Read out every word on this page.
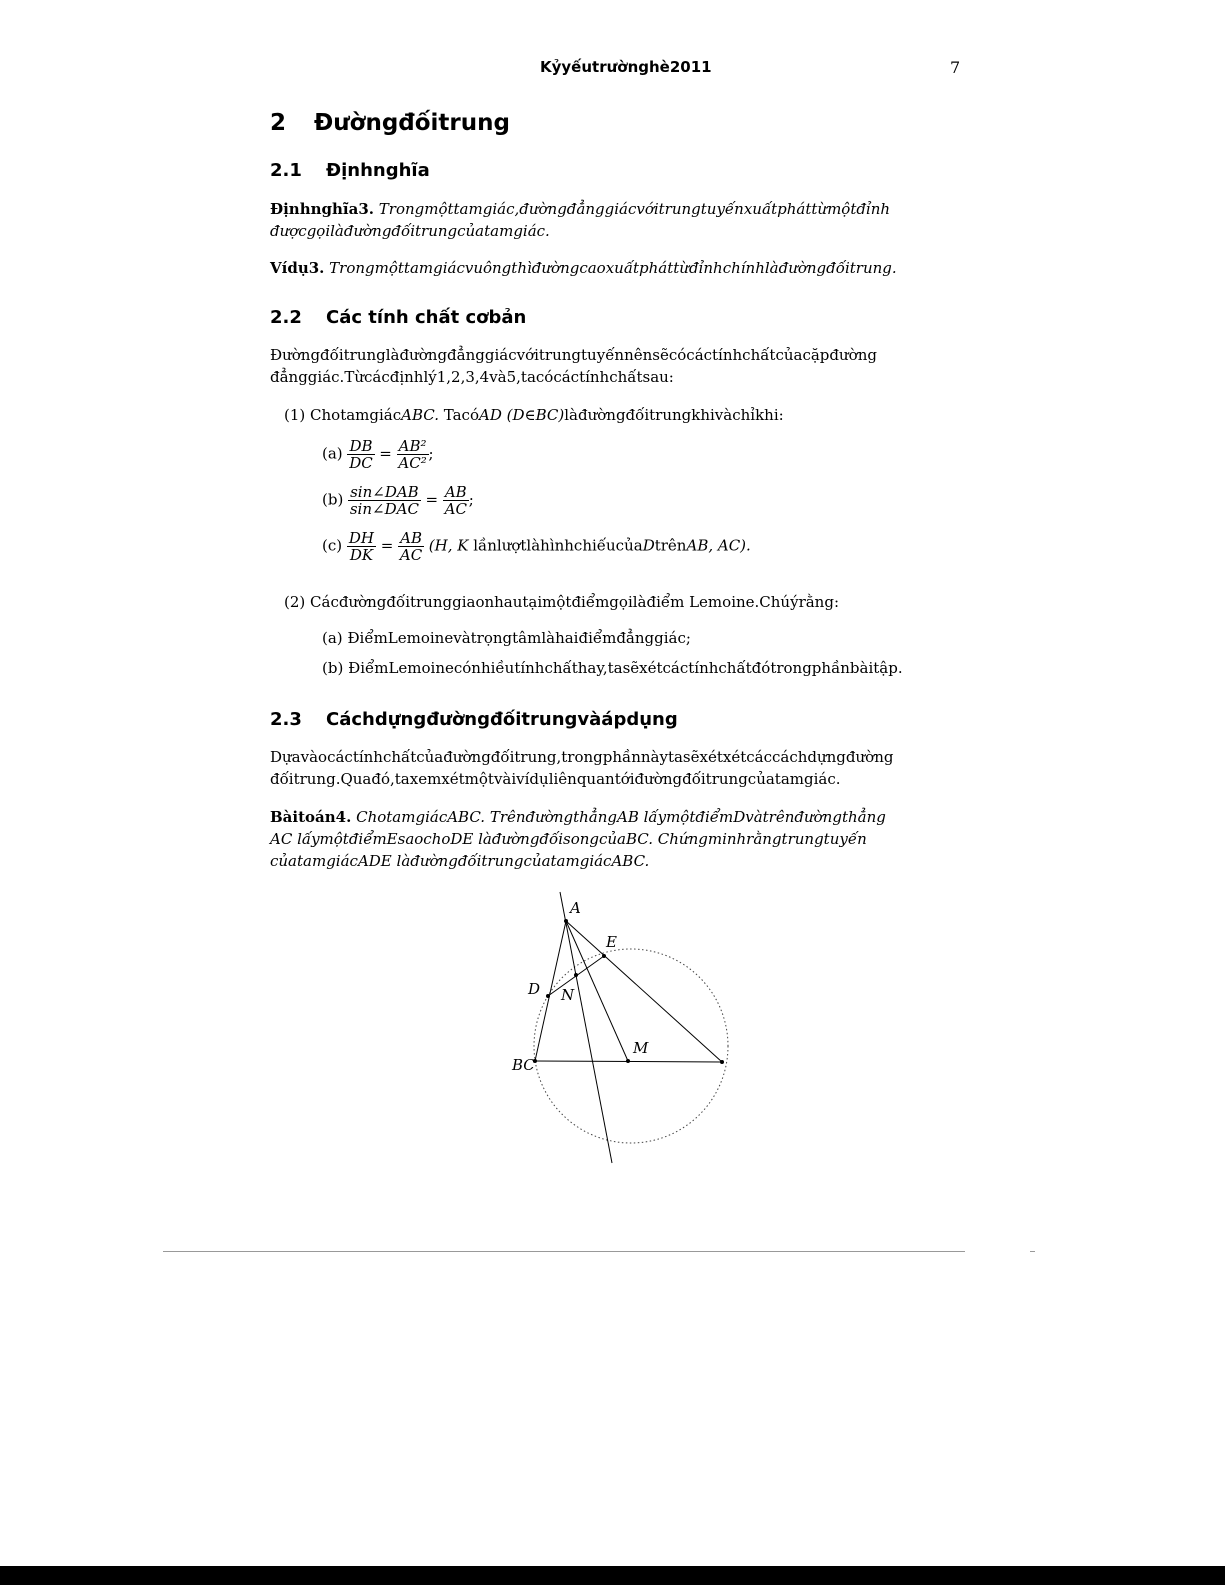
Kỷyếutrườnghè2011	7
2 Đườngđốitrung
2.1 Địnhnghĩa
Địnhnghĩa3. Trongmộttamgiác,đườngđẳnggiácvớitrungtuyếnxuấtpháttừmộtđỉnh
đượcgọilàđườngđốitrungcủatamgiác.
Vídụ3. Trongmộttamgiácvuôngthìđườngcaoxuấtpháttừđỉnhchínhlàđườngđốitrung.
2.2 Các tính chất cơbản
Đườngđốitrunglàđườngđẳnggiácvớitrungtuyếnnênsẽcócáctínhchấtcủacặpđường
đẳnggiác.Từcácđịnhlý1,2,3,4và5,tacócáctínhchấtsau:
(1) ChotamgiácABC. TacóAD (D∈BC)làđườngđốitrungkhivàchỉkhi:
$(a) \frac{DB}{DC} = \frac{\text{AB²}}{\text{AC²}}$ ;
$(b) \frac{\text{sin∠DAB}}{\text{sin∠DAC}} = \frac{AB}{AC}$ ;
$(c) \frac{DH}{DK} = \frac{AB}{AC} (H$, K lầnlượtlàhìnhchiếucủaDtrênAB, AC).
(2) Cácđườngđốitrunggiaonhautạimộtđiểmgọilàđiểm Lemoine.Chúýrằng:
(a) ĐiểmLemoinevàtrọngtâmlàhaiđiểmđẳnggiác;
(b) ĐiểmLemoinecónhiềutínhchấthay,tasẽxétcáctínhchấtđótrongphầnbàitập.
2.3 Cáchdựngđườngđốitrungvàápdụng
Dựavàocáctínhchấtcủađườngđốitrung,trongphầnnàytasẽxétxétcáccáchdựngđường
đốitrung.Quađó,taxemxétmộtvàivídụliênquantớiđườngđốitrungcủatamgiác.
Bàitoán4. ChotamgiácABC. TrênđườngthẳngAB lấymộtđiểmDvàtrênđườngthẳng
AC lấymộtđiểmEsaochoDE làđườngđốisongcủaBC. Chứngminhrằngtrungtuyến
củatamgiácADE làđườngđốitrungcủatamgiácABC.
A
E
D N
M
BC
